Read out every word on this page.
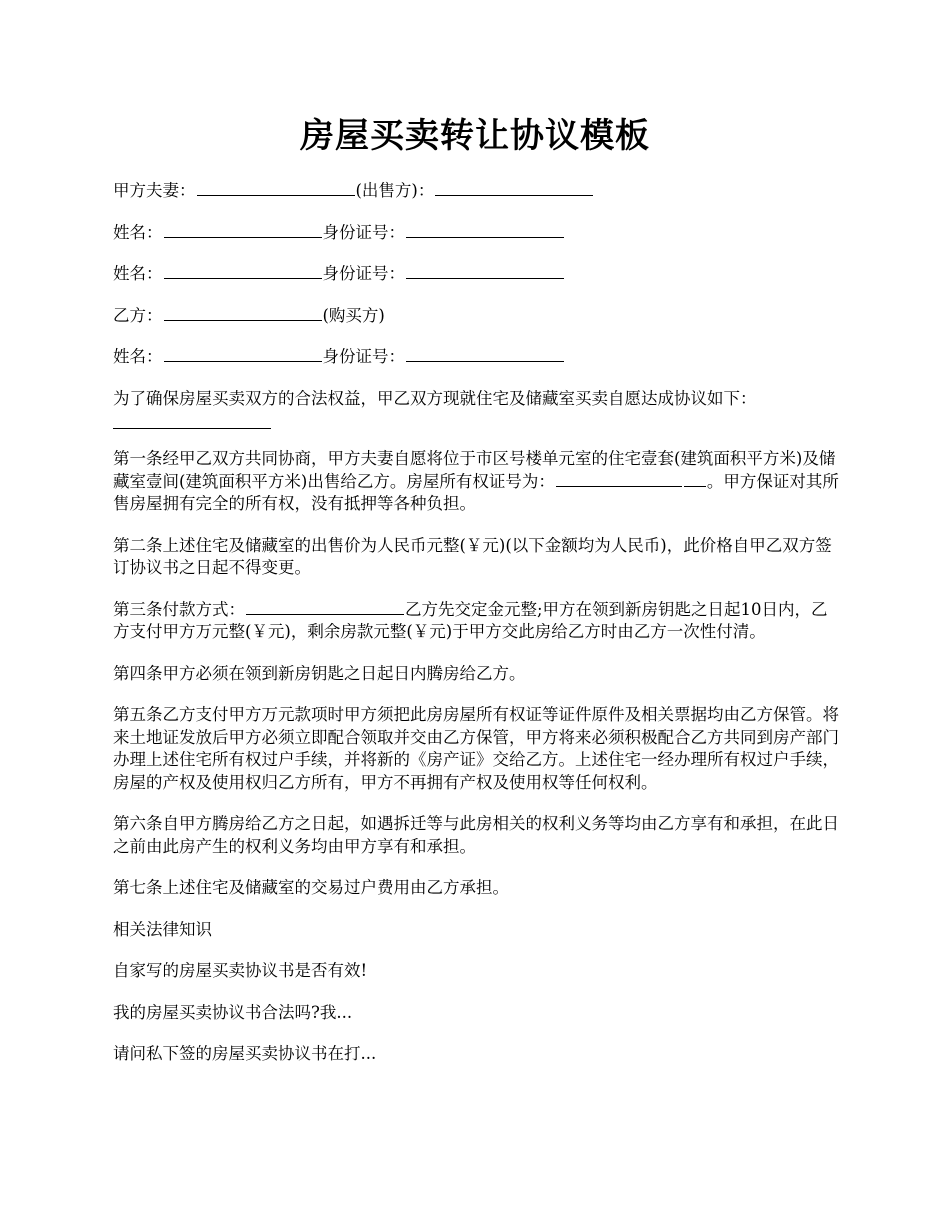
房屋买卖转让协议模板

甲方夫妻：	(出售方)：

姓名：	身份证号：

姓名：	身份证号：

乙方：	(购买方)

姓名：	身份证号：

为了确保房屋买卖双方的合法权益，甲乙双方现就住宅及储藏室买卖自愿达成协议如下：

第一条经甲乙双方共同协商，甲方夫妻自愿将位于市区号楼单元室的住宅壹套(建筑面积平方米)及储藏室壹间(建筑面积平方米)出售给乙方。房屋所有权证号为：	。甲方保证对其所售房屋拥有完全的所有权，没有抵押等各种负担。

第二条上述住宅及储藏室的出售价为人民币元整(￥元)(以下金额均为人民币)，此价格自甲乙双方签订协议书之日起不得变更。

第三条付款方式：	乙方先交定金元整;甲方在领到新房钥匙之日起10日内，乙方支付甲方万元整(￥元)，剩余房款元整(￥元)于甲方交此房给乙方时由乙方一次性付清。

第四条甲方必须在领到新房钥匙之日起日内腾房给乙方。

第五条乙方支付甲方万元款项时甲方须把此房房屋所有权证等证件原件及相关票据均由乙方保管。将来土地证发放后甲方必须立即配合领取并交由乙方保管，甲方将来必须积极配合乙方共同到房产部门办理上述住宅所有权过户手续，并将新的《房产证》交给乙方。上述住宅一经办理所有权过户手续，房屋的产权及使用权归乙方所有，甲方不再拥有产权及使用权等任何权利。

第六条自甲方腾房给乙方之日起，如遇拆迁等与此房相关的权利义务等均由乙方享有和承担，在此日之前由此房产生的权利义务均由甲方享有和承担。

第七条上述住宅及储藏室的交易过户费用由乙方承担。

相关法律知识

自家写的房屋买卖协议书是否有效!

我的房屋买卖协议书合法吗?我...

请问私下签的房屋买卖协议书在打...
